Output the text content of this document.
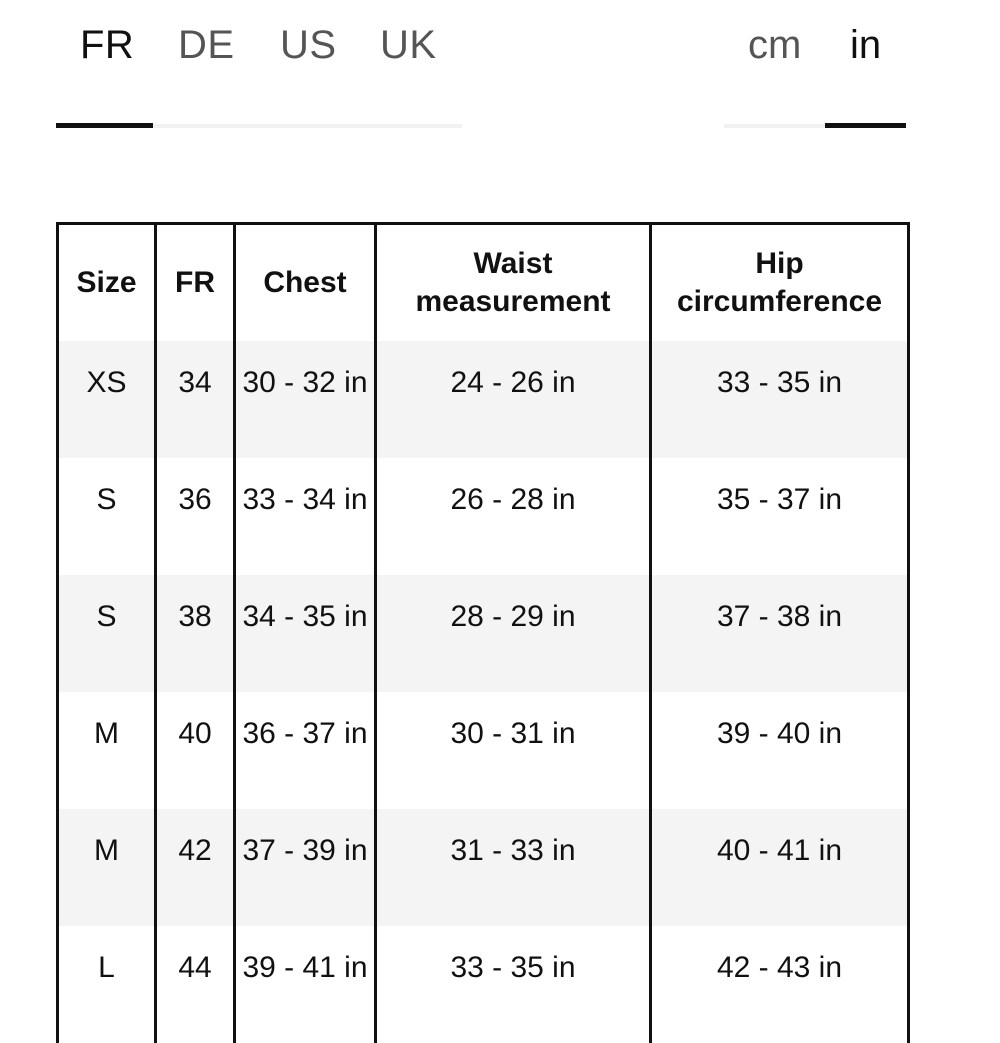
FR DE US UK	cm in
Size	FR	Chest	Waist measurement	Hip circumference
XS	34	30 - 32 in	24 - 26 in	33 - 35 in
S	36	33 - 34 in	26 - 28 in	35 - 37 in
S	38	34 - 35 in	28 - 29 in	37 - 38 in
M	40	36 - 37 in	30 - 31 in	39 - 40 in
M	42	37 - 39 in	31 - 33 in	40 - 41 in
L	44	39 - 41 in	33 - 35 in	42 - 43 in
